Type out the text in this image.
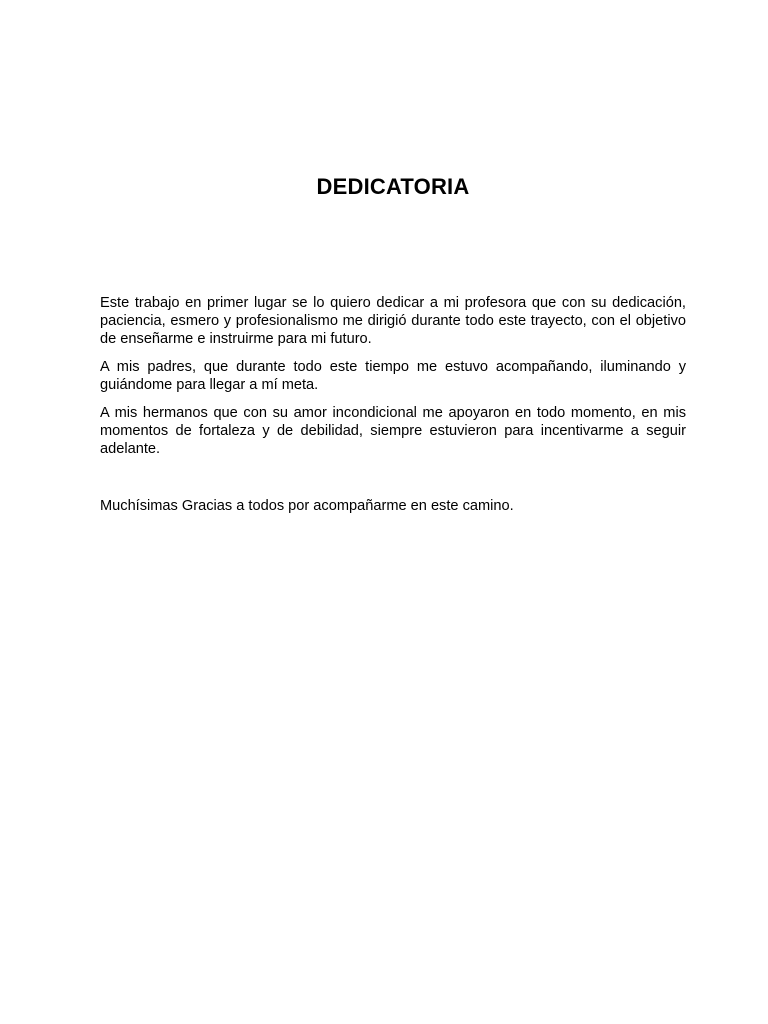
DEDICATORIA

Este trabajo en primer lugar se lo quiero dedicar a mi profesora que con su dedicación, paciencia, esmero y profesionalismo me dirigió durante todo este trayecto, con el objetivo de enseñarme e instruirme para mi futuro.

A mis padres, que durante todo este tiempo me estuvo acompañando, iluminando y guiándome para llegar a mí meta.

A mis hermanos que con su amor incondicional me apoyaron en todo momento, en mis momentos de fortaleza y de debilidad, siempre estuvieron para incentivarme a seguir adelante.

Muchísimas Gracias a todos por acompañarme en este camino.
